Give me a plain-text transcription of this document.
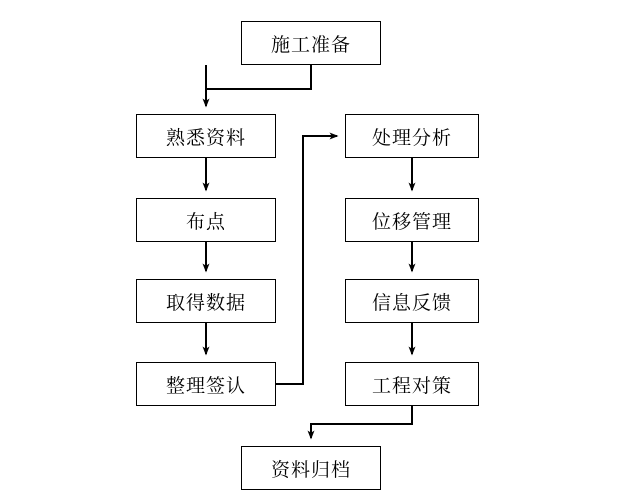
施工准备
熟悉资料
布点
取得数据
整理签认
处理分析
位移管理
信息反馈
工程对策
资料归档
